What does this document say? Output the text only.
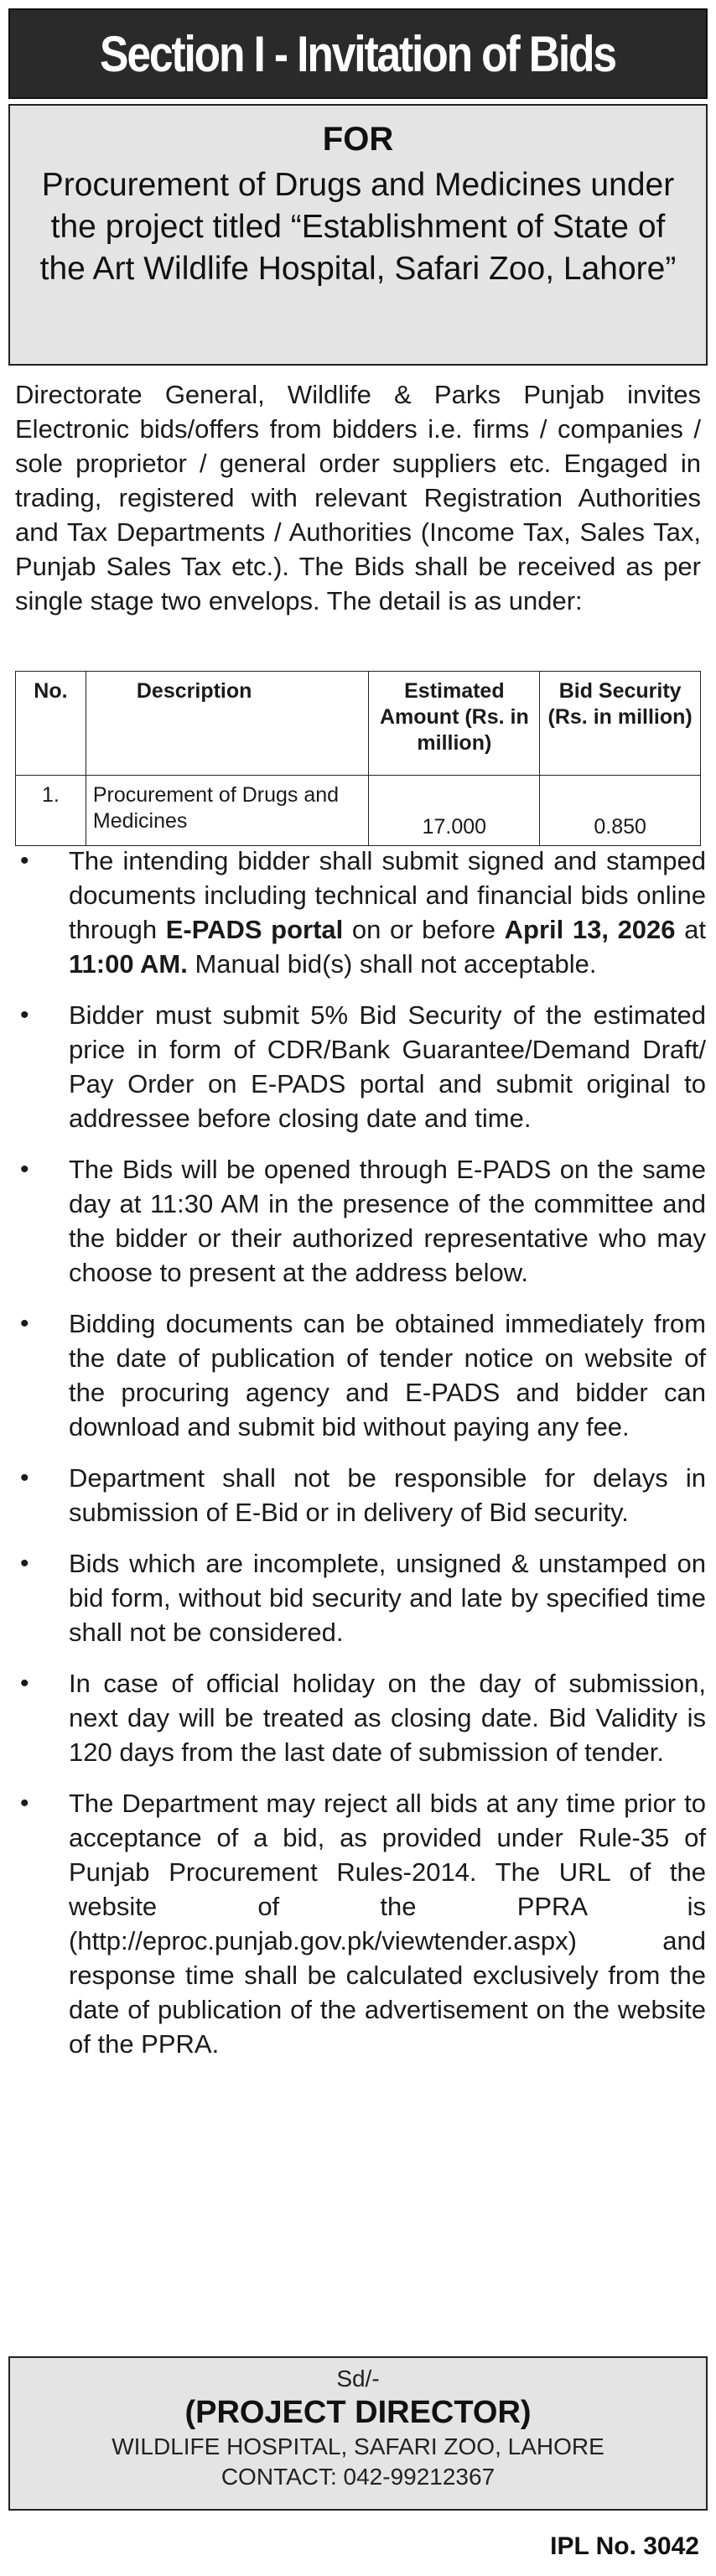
Section I - Invitation of Bids
FOR
Procurement of Drugs and Medicines under the project titled “Establishment of State of the Art Wildlife Hospital, Safari Zoo, Lahore”

Directorate General, Wildlife & Parks Punjab invites Electronic bids/offers from bidders i.e. firms / companies / sole proprietor / general order suppliers etc. Engaged in trading, registered with relevant Registration Authorities and Tax Departments / Authorities (Income Tax, Sales Tax, Punjab Sales Tax etc.). The Bids shall be received as per single stage two envelops. The detail is as under:

No.	Description	Estimated Amount (Rs. in million)	Bid Security (Rs. in million)
1.	Procurement of Drugs and Medicines	17.000	0.850
• The intending bidder shall submit signed and stamped documents including technical and financial bids online through E-PADS portal on or before April 13, 2026 at 11:00 AM. Manual bid(s) shall not acceptable.
• Bidder must submit 5% Bid Security of the estimated price in form of CDR/Bank Guarantee/Demand Draft/ Pay Order on E-PADS portal and submit original to addressee before closing date and time.
• The Bids will be opened through E-PADS on the same day at 11:30 AM in the presence of the committee and the bidder or their authorized representative who may choose to present at the address below.
• Bidding documents can be obtained immediately from the date of publication of tender notice on website of the procuring agency and E-PADS and bidder can download and submit bid without paying any fee.
• Department shall not be responsible for delays in submission of E-Bid or in delivery of Bid security.
• Bids which are incomplete, unsigned & unstamped on bid form, without bid security and late by specified time shall not be considered.
• In case of official holiday on the day of submission, next day will be treated as closing date. Bid Validity is 120 days from the last date of submission of tender.
• The Department may reject all bids at any time prior to acceptance of a bid, as provided under Rule-35 of Punjab Procurement Rules-2014. The URL of the website of the PPRA is (http://eproc.punjab.gov.pk/viewtender.aspx) and response time shall be calculated exclusively from the date of publication of the advertisement on the website of the PPRA.
Sd/-
(PROJECT DIRECTOR)
WILDLIFE HOSPITAL, SAFARI ZOO, LAHORE
CONTACT: 042-99212367
IPL No. 3042
